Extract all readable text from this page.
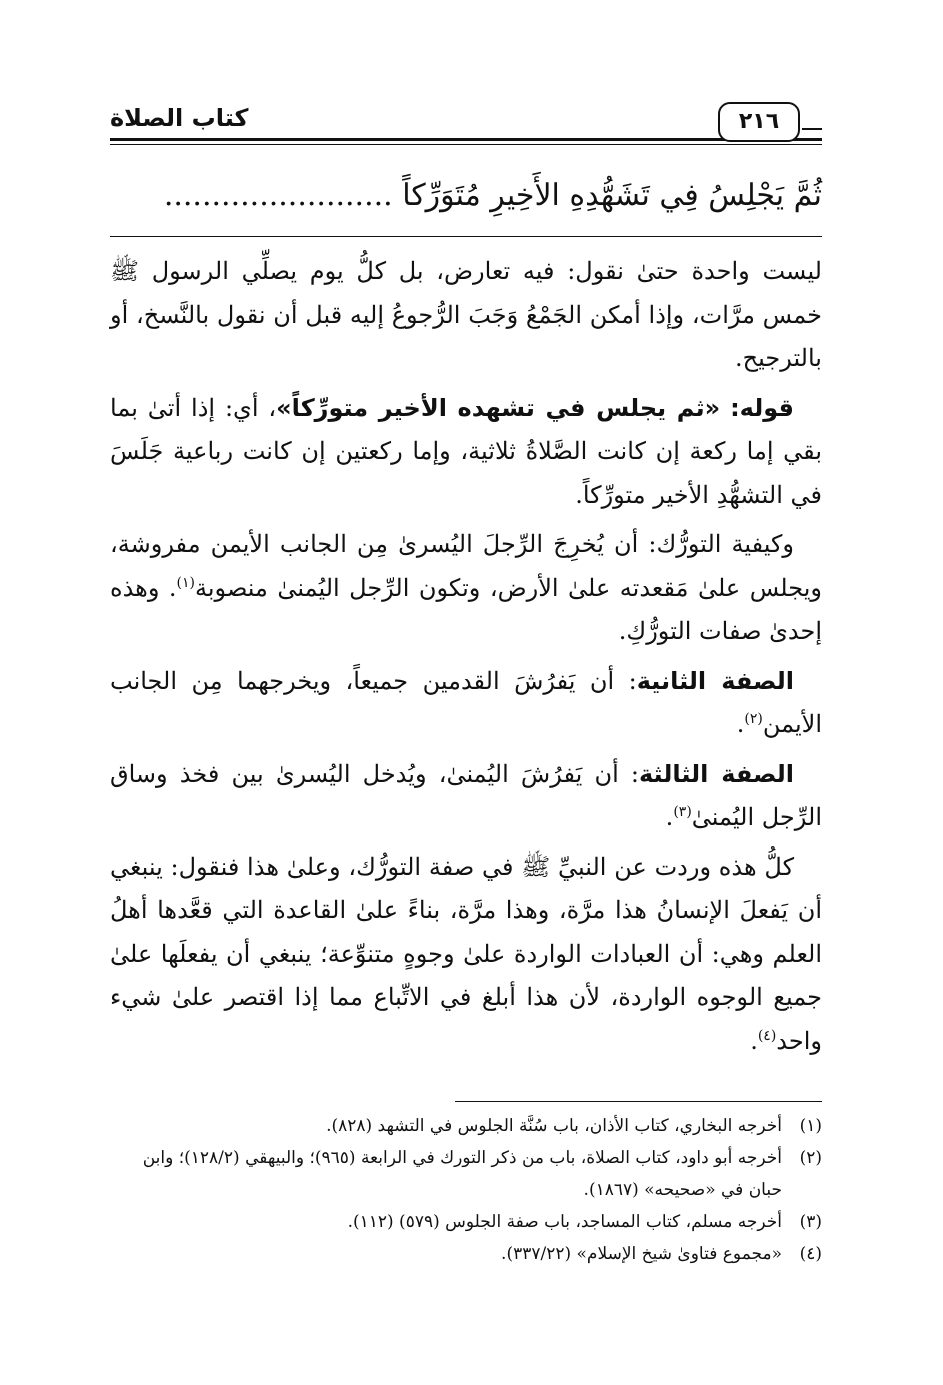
كتاب الصلاة	٢١٦
ثُمَّ يَجْلِسُ فِي تَشَهُّدِهِ الأَخِيرِ مُتَوَرِّكاً ........................

ليست واحدة حتىٰ نقول: فيه تعارض، بل كلُّ يوم يصلِّي الرسول ﷺ خمس مرَّات، وإذا أمكن الجَمْعُ وَجَبَ الرُّجوعُ إليه قبل أن نقول بالنَّسخ، أو بالترجيح.

قوله: «ثم يجلس في تشهده الأخير متورِّكاً»، أي: إذا أتىٰ بما بقي إما ركعة إن كانت الصَّلاةُ ثلاثية، وإما ركعتين إن كانت رباعية جَلَسَ في التشهُّدِ الأخير متورِّكاً.

وكيفية التورُّك: أن يُخرِجَ الرِّجلَ اليُسرىٰ مِن الجانب الأيمن مفروشة، ويجلس علىٰ مَقعدته علىٰ الأرض، وتكون الرِّجل اليُمنىٰ منصوبة$^{(١)}$. وهذه إحدىٰ صفات التورُّكِ.

الصفة الثانية: أن يَفرُشَ القدمين جميعاً، ويخرجهما مِن الجانب الأيمن$^{(٢)}$.

الصفة الثالثة: أن يَفرُشَ اليُمنىٰ، ويُدخل اليُسرىٰ بين فخذ وساق الرِّجل اليُمنىٰ$^{(٣)}$.

كلُّ هذه وردت عن النبيِّ ﷺ في صفة التورُّك، وعلىٰ هذا فنقول: ينبغي أن يَفعلَ الإنسانُ هذا مرَّة، وهذا مرَّة، بناءً علىٰ القاعدة التي قعَّدها أهلُ العلم وهي: أن العبادات الواردة علىٰ وجوهٍ متنوِّعة؛ ينبغي أن يفعلَها علىٰ جميع الوجوه الواردة، لأن هذا أبلغ في الاتِّباع مما إذا اقتصر علىٰ شيء واحد$^{(٤)}$.

(١)
أخرجه البخاري، كتاب الأذان، باب سُنَّة الجلوس في التشهد (٨٢٨).
(٢)
أخرجه أبو داود، كتاب الصلاة، باب من ذكر التورك في الرابعة (٩٦٥)؛ والبيهقي (١٢٨/٢)؛ وابن حبان في «صحيحه» (١٨٦٧).
(٣)
أخرجه مسلم، كتاب المساجد، باب صفة الجلوس (٥٧٩) (١١٢).
(٤)
«مجموع فتاوىٰ شيخ الإسلام» (٣٣٧/٢٢).
